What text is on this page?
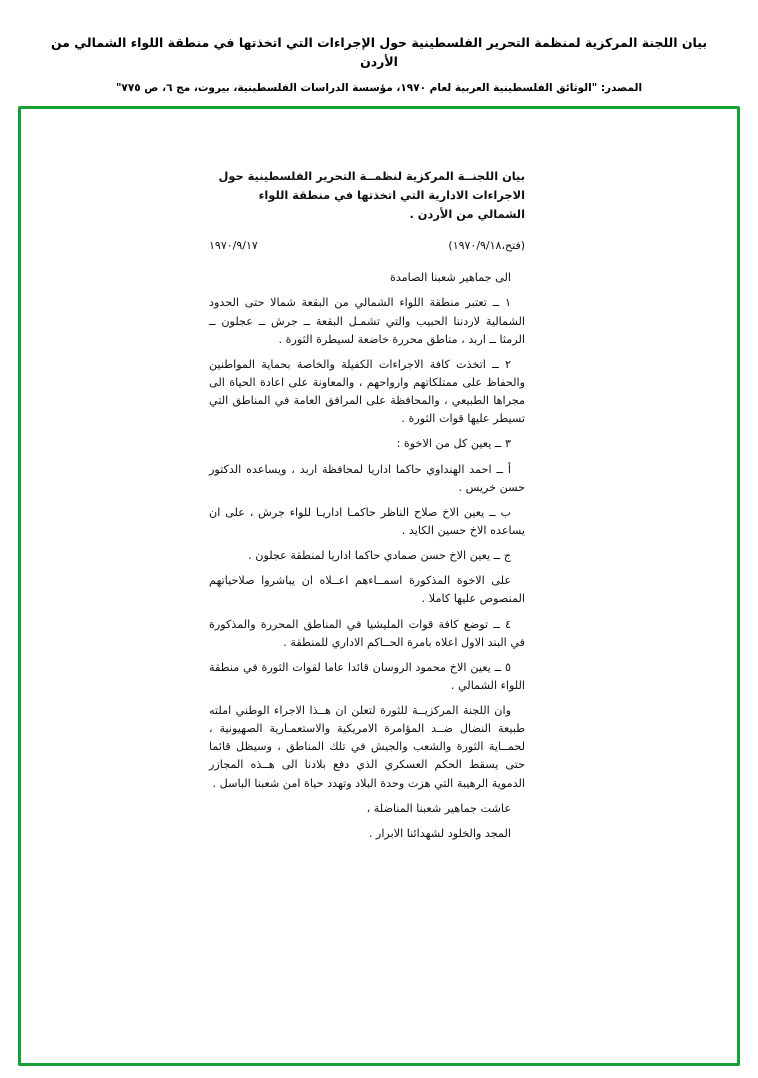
بيان اللجنة المركزية لمنظمة التحرير الفلسطينية حول الإجراءات التي اتخذتها في منطقة اللواء الشمالي من الأردن
المصدر: "الوثائق الفلسطينية العربية لعام ١٩٧٠، مؤسسة الدراسات الفلسطينية، بيروت، مج ٦، ص ٧٧٥"
بيان اللجنــة المركزية لنظمــة التحرير الفلسطينية حول الاجراءات الادارية التي اتخذتها في منطقة اللواء الشمالي من الأردن .
(فتح،١٩٧٠/٩/١٨)
١٩٧٠/٩/١٧

الى جماهير شعبنا الصامدة

١ ــ تعتبر منطقة اللواء الشمالي من البقعة شمالا حتى الحدود الشمالية لاردننا الحبيب والتي تشمـل البقعة ــ جرش ــ عجلون ــ الرمثا ــ اربد ، مناطق محررة خاضعة لسيطرة الثورة .

٢ ــ اتخذت كافة الاجراءات الكفيلة والخاصة بحماية المواطنين والحفاظ على ممتلكاتهم وارواحهم ، والمعاونة على اعادة الحياة الى مجراها الطبيعي ، والمحافظة على المرافق العامة في المناطق التي تسيطر عليها قوات الثورة .

٣ ــ يعين كل من الاخوة :

أ ــ احمد الهنداوي حاكما اداريا لمحافظة اربد ، ويساعده الدكتور حسن خريس .

ب ــ يعين الاخ صلاح الناظر حاكمـا اداريـا للواء جرش ، على ان يساعده الاخ حسين الكايد .

ج ــ يعين الاخ حسن صمادي حاكما اداريا لمنطقة عجلون .

على الاخوة المذكورة اسمــاءهم اعــلاه ان يباشروا صلاحياتهم المنصوص عليها كاملا .

٤ ــ توضع كافة قوات المليشيا في المناطق المحررة والمذكورة في البند الاول اعلاه بامرة الحــاكم الاداري للمنطقة .

٥ ــ يعين الاخ محمود الروسان قائدا عاما لقوات الثورة في منطقة اللواء الشمالي .

وان اللجنة المركزيــة للثورة لتعلن ان هــذا الاجراء الوطني املته طبيعة النضال ضــد المؤامرة الامريكية والاستعمـارية الصهيونية ، لحمــاية الثورة والشعب والجيش في تلك المناطق ، وسيظل قائما حتى يسقط الحكم العسكري الذي دفع بلادنا الى هــذه المجازر الدموية الرهيبة التي هزت وحدة البلاد وتهدد حياة امن شعبنا الباسل .

عاشت جماهير شعبنا المناضلة ،

المجد والخلود لشهدائنا الابرار .
